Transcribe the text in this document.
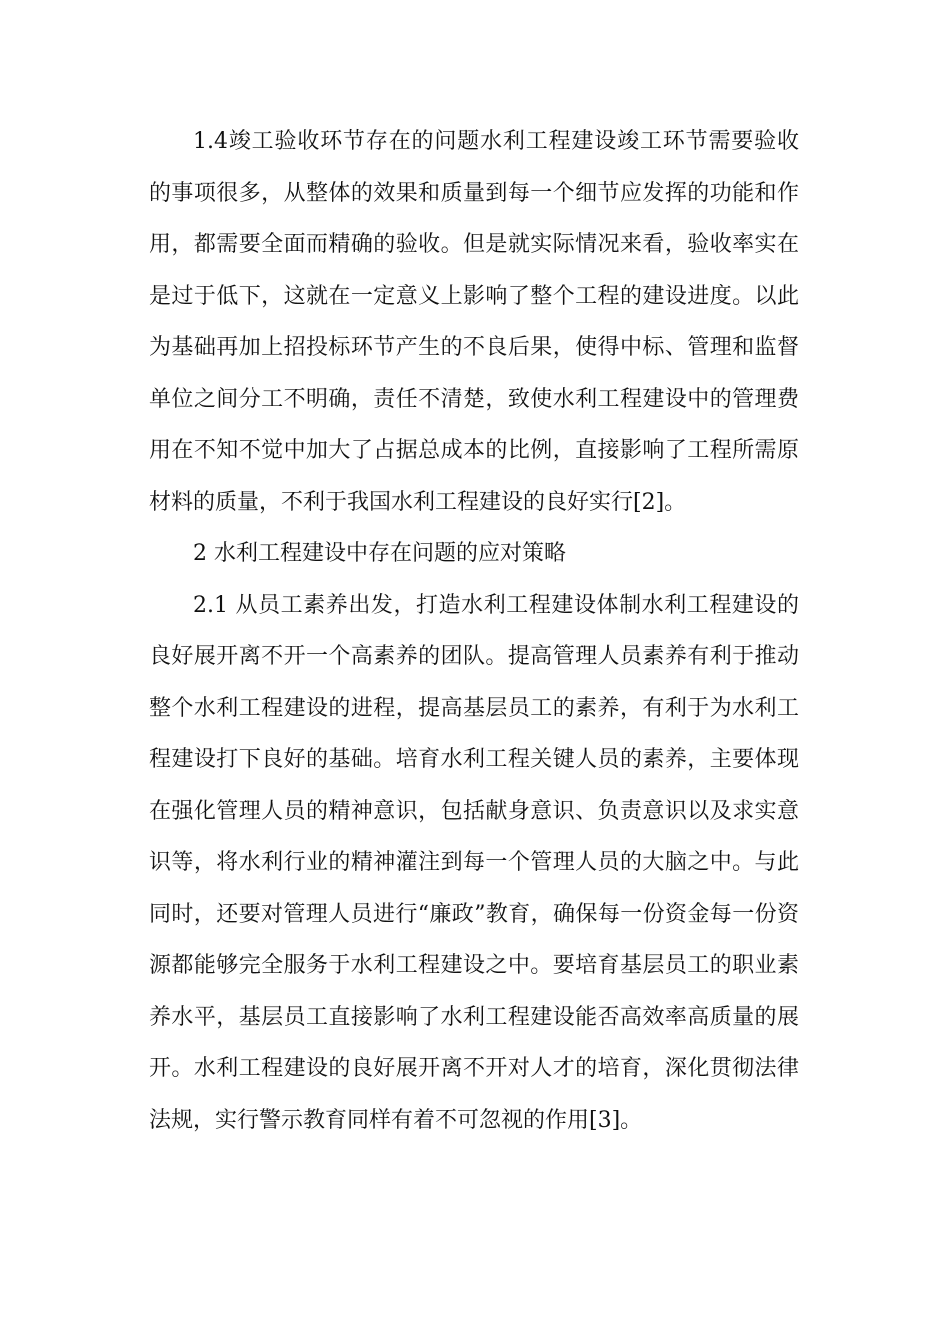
1.4竣工验收环节存在的问题水利工程建设竣工环节需要验收
的事项很多，从整体的效果和质量到每一个细节应发挥的功能和作
用，都需要全面而精确的验收。但是就实际情况来看，验收率实在
是过于低下，这就在一定意义上影响了整个工程的建设进度。以此
为基础再加上招投标环节产生的不良后果，使得中标、管理和监督
单位之间分工不明确，责任不清楚，致使水利工程建设中的管理费
用在不知不觉中加大了占据总成本的比例，直接影响了工程所需原
材料的质量，不利于我国水利工程建设的良好实行[2]。
2 水利工程建设中存在问题的应对策略
2.1 从员工素养出发，打造水利工程建设体制水利工程建设的
良好展开离不开一个高素养的团队。提高管理人员素养有利于推动
整个水利工程建设的进程，提高基层员工的素养，有利于为水利工
程建设打下良好的基础。培育水利工程关键人员的素养，主要体现
在强化管理人员的精神意识，包括献身意识、负责意识以及求实意
识等，将水利行业的精神灌注到每一个管理人员的大脑之中。与此
同时，还要对管理人员进行“廉政”教育，确保每一份资金每一份资
源都能够完全服务于水利工程建设之中。要培育基层员工的职业素
养水平，基层员工直接影响了水利工程建设能否高效率高质量的展
开。水利工程建设的良好展开离不开对人才的培育，深化贯彻法律
法规，实行警示教育同样有着不可忽视的作用[3]。
